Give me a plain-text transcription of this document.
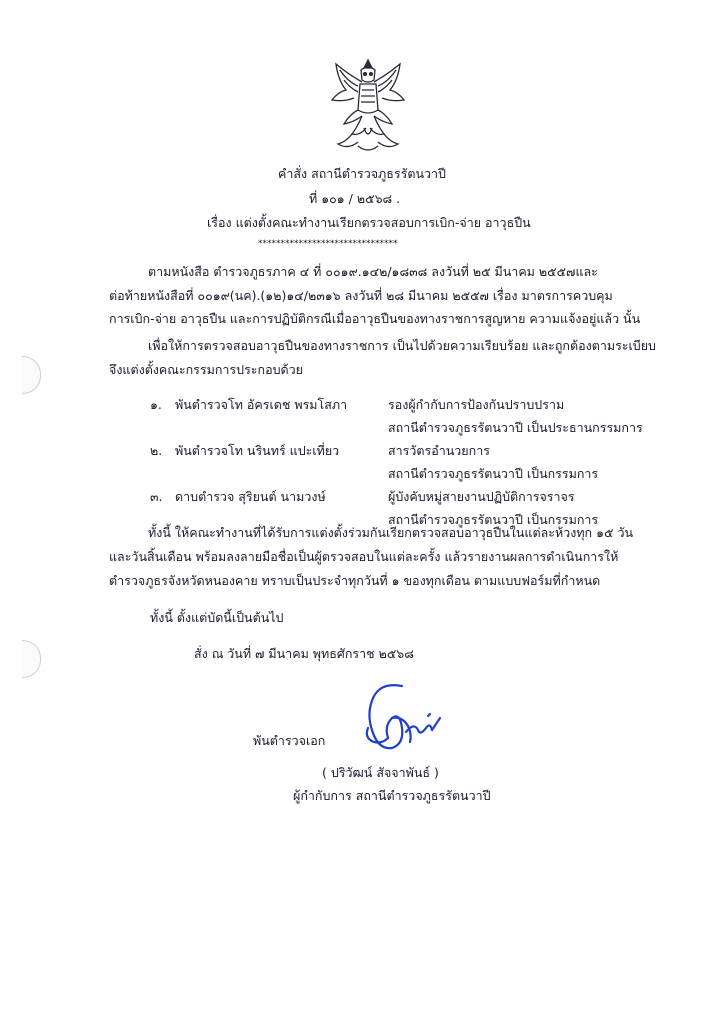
คำสั่ง สถานีตำรวจภูธรรัตนวาปี
ที่ ๑๐๑ / ๒๕๖๘ .
เรื่อง แต่งตั้งคณะทำงานเรียกตรวจสอบการเบิก-จ่าย อาวุธปืน
*******************************
ตามหนังสือ ตำรวจภูธรภาค ๔ ที่ ๐๐๑๙.๑๔๒/๑๘๓๘ ลงวันที่ ๒๕ มีนาคม ๒๕๕๗และ
ต่อท้ายหนังสือที่ ๐๐๑๙(นค).(๑๒)๑๔/๒๓๑๖ ลงวันที่ ๒๘ มีนาคม ๒๕๕๗ เรื่อง มาตรการควบคุม
การเบิก-จ่าย อาวุธปืน และการปฏิบัติกรณีเมื่ออาวุธปืนของทางราชการสูญหาย ความแจ้งอยู่แล้ว นั้น
เพื่อให้การตรวจสอบอาวุธปืนของทางราชการ เป็นไปด้วยความเรียบร้อย และถูกต้องตามระเบียบ
จึงแต่งตั้งคณะกรรมการประกอบด้วย
๑. พันตำรวจโท อัครเดช พรมโสภา	รองผู้กำกับการป้องกันปราบปราม
สถานีตำรวจภูธรรัตนวาปี เป็นประธานกรรมการ
๒. พันตำรวจโท นรินทร์ แปะเที่ยว	สารวัตรอำนวยการ
สถานีตำรวจภูธรรัตนวาปี เป็นกรรมการ
๓. ดาบตำรวจ สุริยนต์ นามวงษ์	ผู้บังคับหมู่สายงานปฏิบัติการจราจร
สถานีตำรวจภูธรรัตนวาปี เป็นกรรมการ
ทั้งนี้ ให้คณะทำงานที่ได้รับการแต่งตั้งร่วมกันเรียกตรวจสอบอาวุธปืนในแต่ละห้วงทุก ๑๕ วัน
และวันสิ้นเดือน พร้อมลงลายมือชื่อเป็นผู้ตรวจสอบในแต่ละครั้ง แล้วรายงานผลการดำเนินการให้
ตำรวจภูธรจังหวัดหนองคาย ทราบเป็นประจำทุกวันที่ ๑ ของทุกเดือน ตามแบบฟอร์มที่กำหนด
ทั้งนี้ ตั้งแต่บัดนี้เป็นต้นไป
สั่ง ณ วันที่ ๗ มีนาคม พุทธศักราช ๒๕๖๘
พันตำรวจเอก
( ปริวัฒน์ สัจจาพันธ์ )
ผู้กำกับการ สถานีตำรวจภูธรรัตนวาปี
